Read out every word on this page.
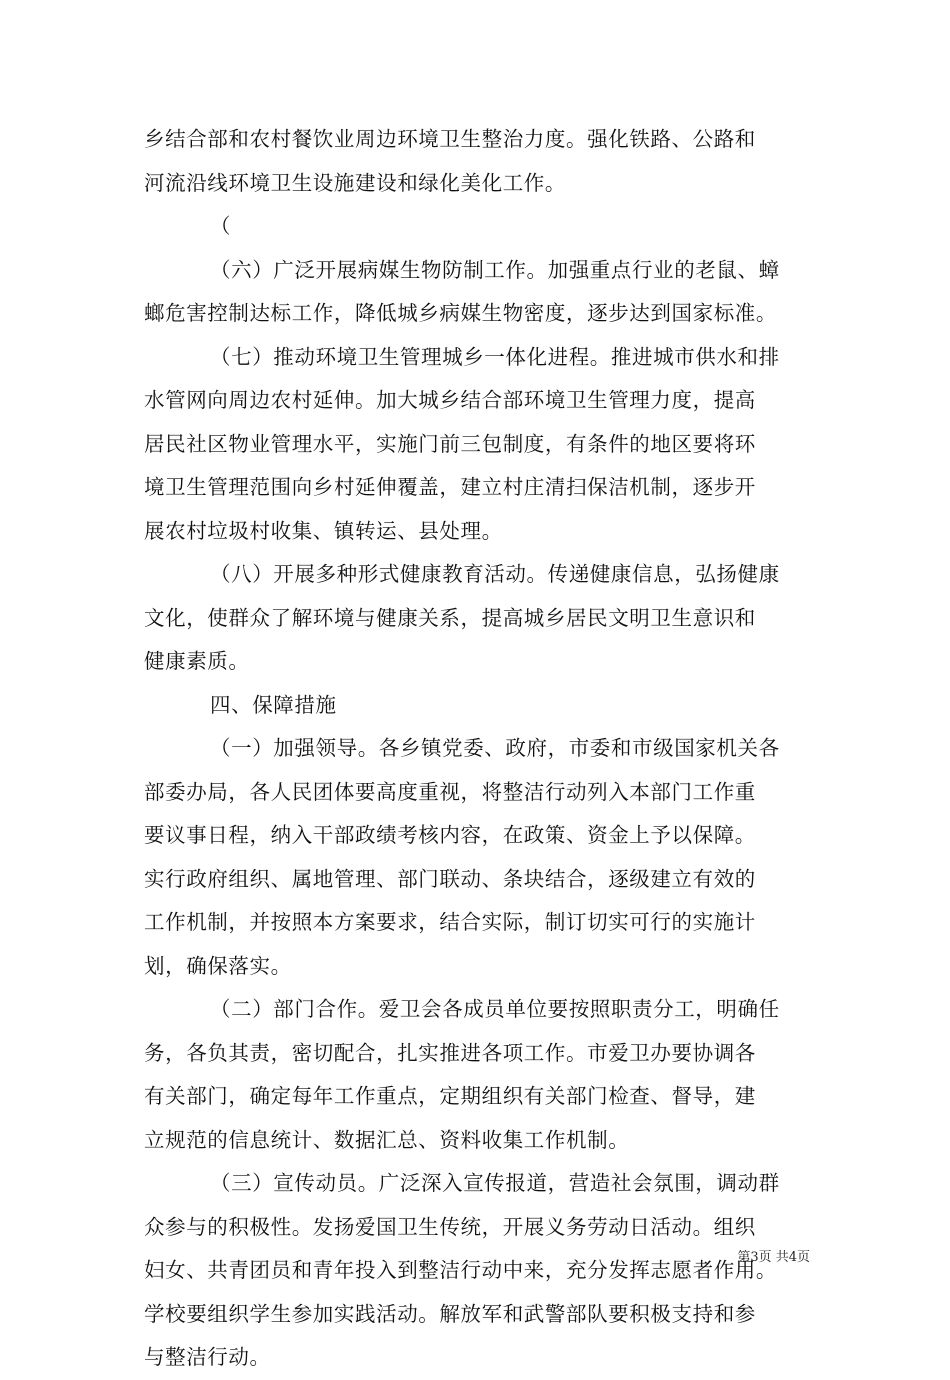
乡结合部和农村餐饮业周边环境卫生整治力度。强化铁路、公路和
河流沿线环境卫生设施建设和绿化美化工作。
（
（六）广泛开展病媒生物防制工作。加强重点行业的老鼠、蟑
螂危害控制达标工作，降低城乡病媒生物密度，逐步达到国家标准。
（七）推动环境卫生管理城乡一体化进程。推进城市供水和排
水管网向周边农村延伸。加大城乡结合部环境卫生管理力度，提高
居民社区物业管理水平，实施门前三包制度，有条件的地区要将环
境卫生管理范围向乡村延伸覆盖，建立村庄清扫保洁机制，逐步开
展农村垃圾村收集、镇转运、县处理。
（八）开展多种形式健康教育活动。传递健康信息，弘扬健康
文化，使群众了解环境与健康关系，提高城乡居民文明卫生意识和
健康素质。
四、保障措施
（一）加强领导。各乡镇党委、政府，市委和市级国家机关各
部委办局，各人民团体要高度重视，将整洁行动列入本部门工作重
要议事日程，纳入干部政绩考核内容，在政策、资金上予以保障。
实行政府组织、属地管理、部门联动、条块结合，逐级建立有效的
工作机制，并按照本方案要求，结合实际，制订切实可行的实施计
划，确保落实。
（二）部门合作。爱卫会各成员单位要按照职责分工，明确任
务，各负其责，密切配合，扎实推进各项工作。市爱卫办要协调各
有关部门，确定每年工作重点，定期组织有关部门检查、督导，建
立规范的信息统计、数据汇总、资料收集工作机制。
（三）宣传动员。广泛深入宣传报道，营造社会氛围，调动群
众参与的积极性。发扬爱国卫生传统，开展义务劳动日活动。组织
妇女、共青团员和青年投入到整洁行动中来，充分发挥志愿者作用。
学校要组织学生参加实践活动。解放军和武警部队要积极支持和参
与整洁行动。
第3页 共4页
